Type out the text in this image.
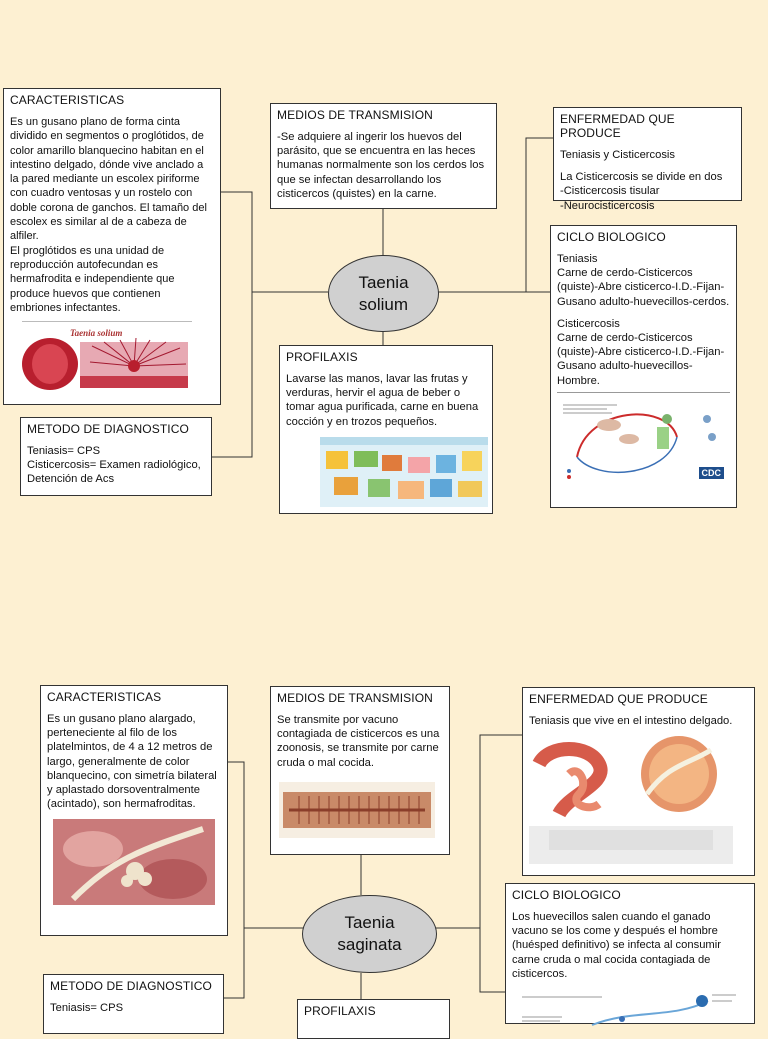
Taenia
solium
CARACTERISTICAS
Es un gusano plano de forma cinta dividido en segmentos o proglótidos, de color amarillo blanquecino habitan en el intestino delgado, dónde vive anclado a la pared mediante un escolex piriforme con cuadro ventosas y un rostelo con doble corona de ganchos. El tamaño del escolex es similar al de a cabeza de alfiler.
El proglótidos es una unidad de reproducción autofecundan es hermafrodita e independiente que produce huevos que contienen embriones infectantes.
Taenia solium
MEDIOS DE TRANSMISION
-Se adquiere al ingerir los huevos del parásito, que se encuentra en las heces humanas normalmente son los cerdos los que se infectan desarrollando los cisticercos (quistes) en la carne.
ENFERMEDAD QUE PRODUCE
Teniasis y Cisticercosis
La Cisticercosis se divide en dos
-Cisticercosis tisular
-Neurocisticercosis
CICLO BIOLOGICO
Teniasis
Carne de cerdo-Cisticercos (quiste)-Abre cisticerco-I.D.-Fijan-Gusano adulto-huevecillos-cerdos.
Cisticercosis
Carne de cerdo-Cisticercos (quiste)-Abre cisticerco-I.D.-Fijan-Gusano adulto-huevecillos-Hombre.
CDC
PROFILAXIS
Lavarse las manos, lavar las frutas y verduras, hervir el agua de beber o tomar agua purificada, carne en buena cocción y en trozos pequeños.
METODO DE DIAGNOSTICO
Teniasis= CPS
Cisticercosis= Examen radiológico, Detención de Acs
Taenia
saginata
CARACTERISTICAS
Es un gusano plano alargado, perteneciente al filo de los platelmintos, de 4 a 12 metros de largo, generalmente de color blanquecino, con simetría bilateral y aplastado dorsoventralmente (acintado), son hermafroditas.
MEDIOS DE TRANSMISION
Se transmite por vacuno contagiada de cisticercos es una zoonosis, se transmite por carne cruda o mal cocida.
ENFERMEDAD QUE PRODUCE
Teniasis que vive en el intestino delgado.
CICLO BIOLOGICO
Los huevecillos salen cuando el ganado vacuno se los come y después el hombre (huésped definitivo) se infecta al consumir carne cruda o mal cocida contagiada de cisticercos.
PROFILAXIS
METODO DE DIAGNOSTICO
Teniasis= CPS
